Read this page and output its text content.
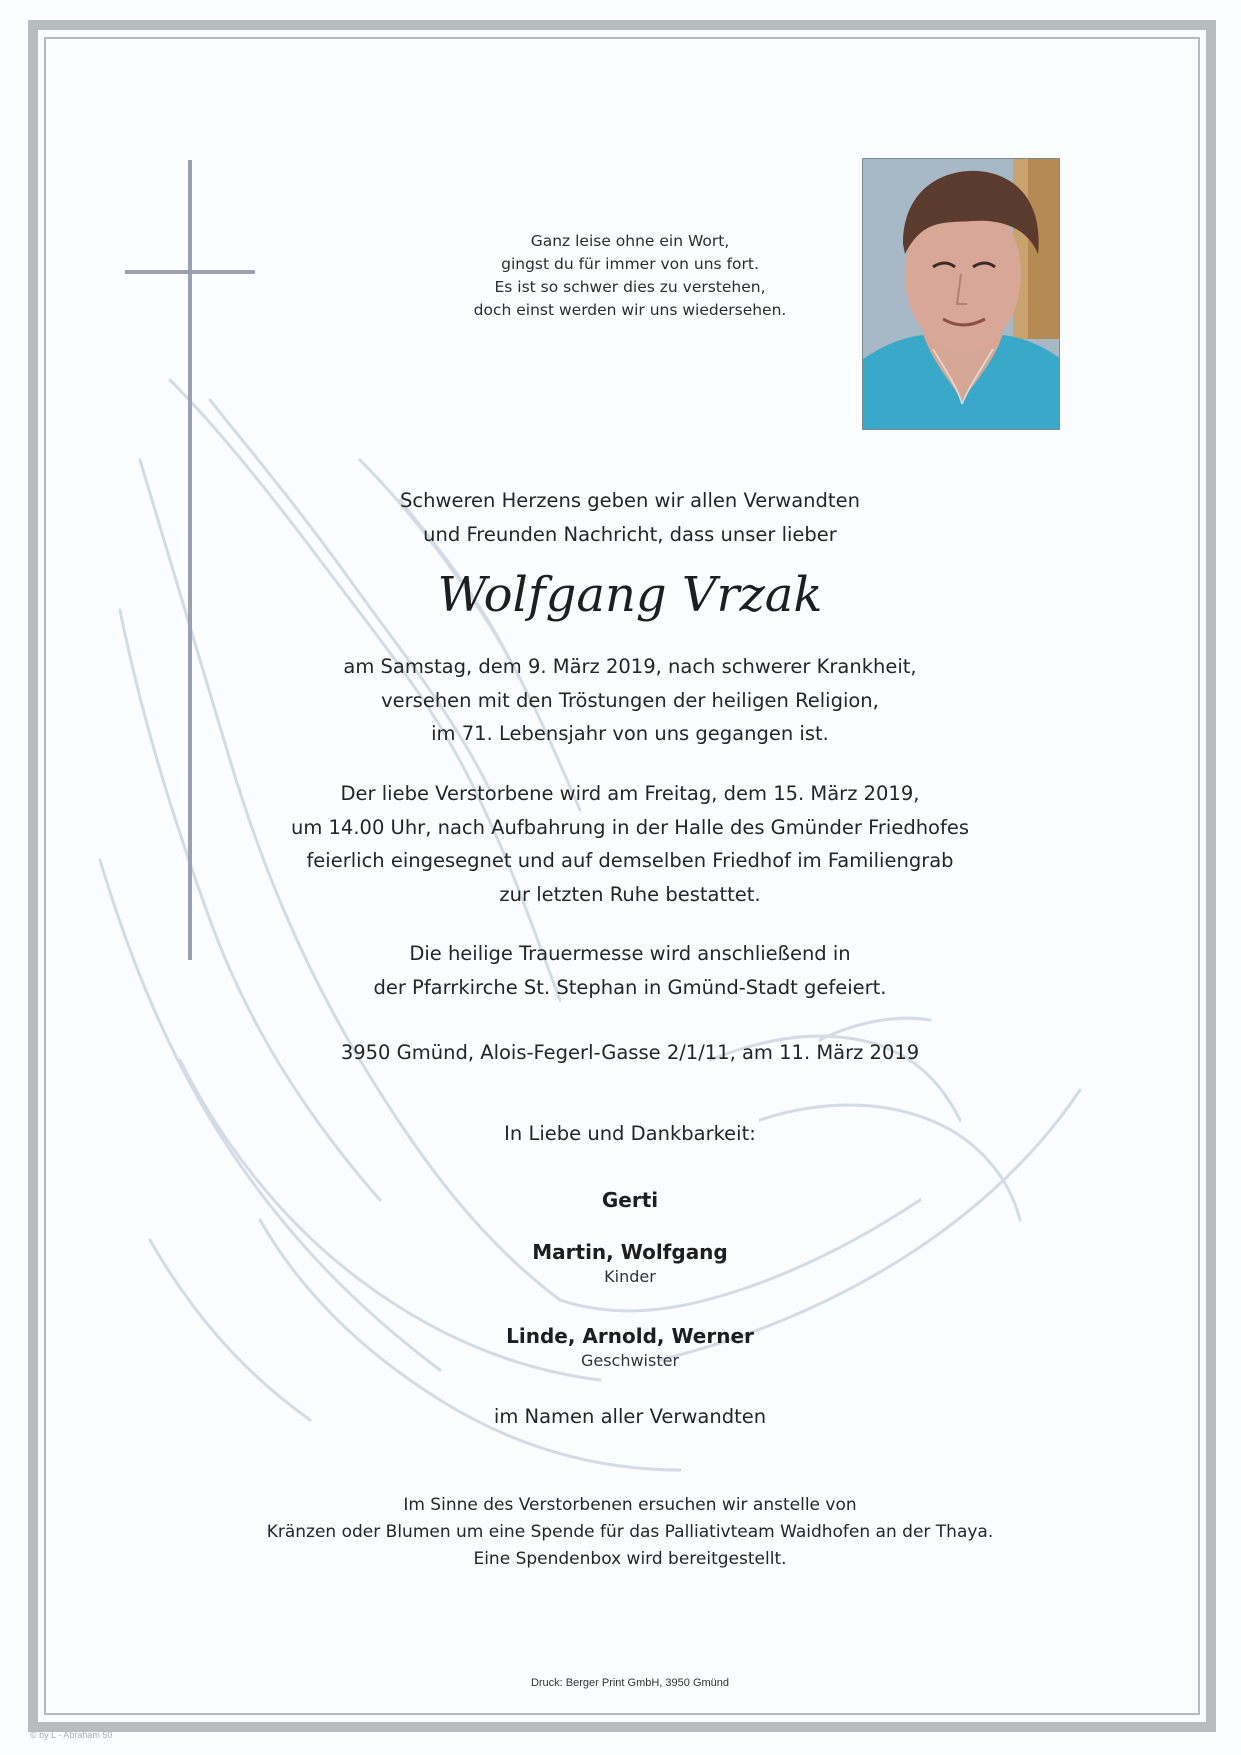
Ganz leise ohne ein Wort,
gingst du für immer von uns fort.
Es ist so schwer dies zu verstehen,
doch einst werden wir uns wiedersehen.
Schweren Herzens geben wir allen Verwandten
und Freunden Nachricht, dass unser lieber
Wolfgang Vrzak
am Samstag, dem 9. März 2019, nach schwerer Krankheit,
versehen mit den Tröstungen der heiligen Religion,
im 71. Lebensjahr von uns gegangen ist.
Der liebe Verstorbene wird am Freitag, dem 15. März 2019,
um 14.00 Uhr, nach Aufbahrung in der Halle des Gmünder Friedhofes
feierlich eingesegnet und auf demselben Friedhof im Familiengrab
zur letzten Ruhe bestattet.
Die heilige Trauermesse wird anschließend in
der Pfarrkirche St. Stephan in Gmünd-Stadt gefeiert.
3950 Gmünd, Alois-Fegerl-Gasse 2/1/11, am 11. März 2019
In Liebe und Dankbarkeit:
Gerti
Martin, Wolfgang
Kinder
Linde, Arnold, Werner
Geschwister
im Namen aller Verwandten
Im Sinne des Verstorbenen ersuchen wir anstelle von
Kränzen oder Blumen um eine Spende für das Palliativteam Waidhofen an der Thaya.
Eine Spendenbox wird bereitgestellt.
Druck: Berger Print GmbH, 3950 Gmünd
© by L - Abraham 50
